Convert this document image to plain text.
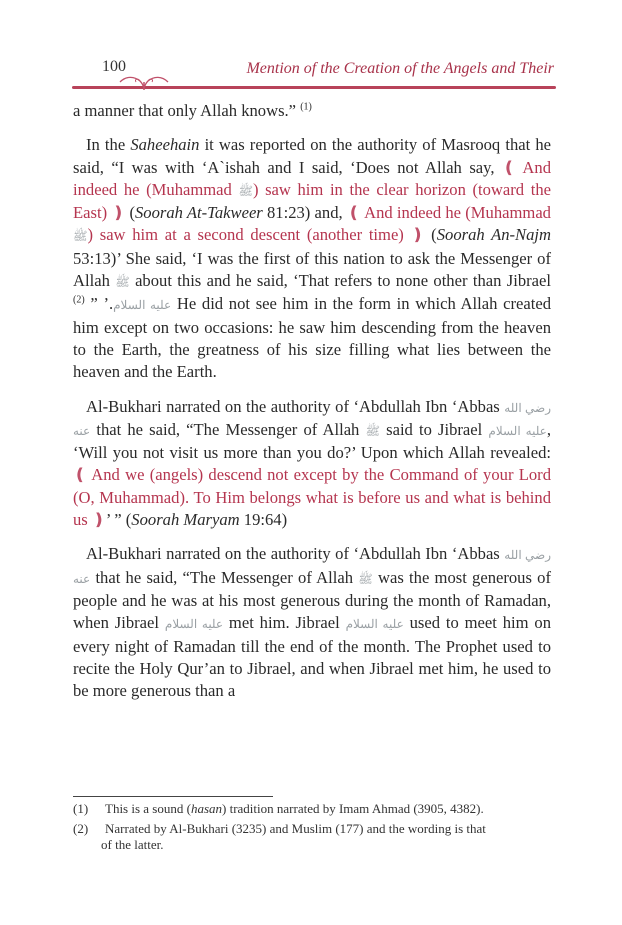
100	Mention of the Creation of the Angels and Their

a manner that only Allah knows.” $^{(1)}$

In the Saheehain it was reported on the authority of Masrooq that he said, “I was with ‘A`ishah and I said, ‘Does not Allah say, ❪ And indeed he (Muhammad ﷺ) saw him in the clear horizon (toward the East) ❫ (Soorah At-Takweer 81:23) and, ❪ And indeed he (Muhammad ﷺ) saw him at a second descent (another time) ❫ (Soorah An-Najm 53:13)’ She said, ‘I was the first of this nation to ask the Messenger of Allah ﷺ about this and he said, ‘That refers to none other than Jibrael عليه السلام.’ ” $^{(2)}$	He did not see him in the form in which Allah created him except on two occasions: he saw him descending from the heaven to the Earth, the greatness of his size filling what lies between the heaven and the Earth.

Al-Bukhari narrated on the authority of ‘Abdullah Ibn ‘Abbas رضي الله عنه that he said, “The Messenger of Allah ﷺ said to Jibrael عليه السلام, ‘Will you not visit us more than you do?’ Upon which Allah revealed: ❪ And we (angels) descend not except by the Command of your Lord (O, Muhammad). To Him belongs what is before us and what is behind us ❫’ ” (Soorah Maryam 19:64)

Al-Bukhari narrated on the authority of ‘Abdullah Ibn ‘Abbas رضي الله عنه that he said, “The Messenger of Allah ﷺ was the most generous of people and he was at his most generous during the month of Ramadan, when Jibrael عليه السلام met him. Jibrael عليه السلام used to meet him on every night of Ramadan till the end of the month. The Prophet used to recite the Holy Qur’an to Jibrael, and when Jibrael met him, he used to be more generous than a

(1)	This is a sound (hasan) tradition narrated by Imam Ahmad (3905, 4382).
(2)	Narrated by Al-Bukhari (3235) and Muslim (177) and the wording is that
of the latter.
